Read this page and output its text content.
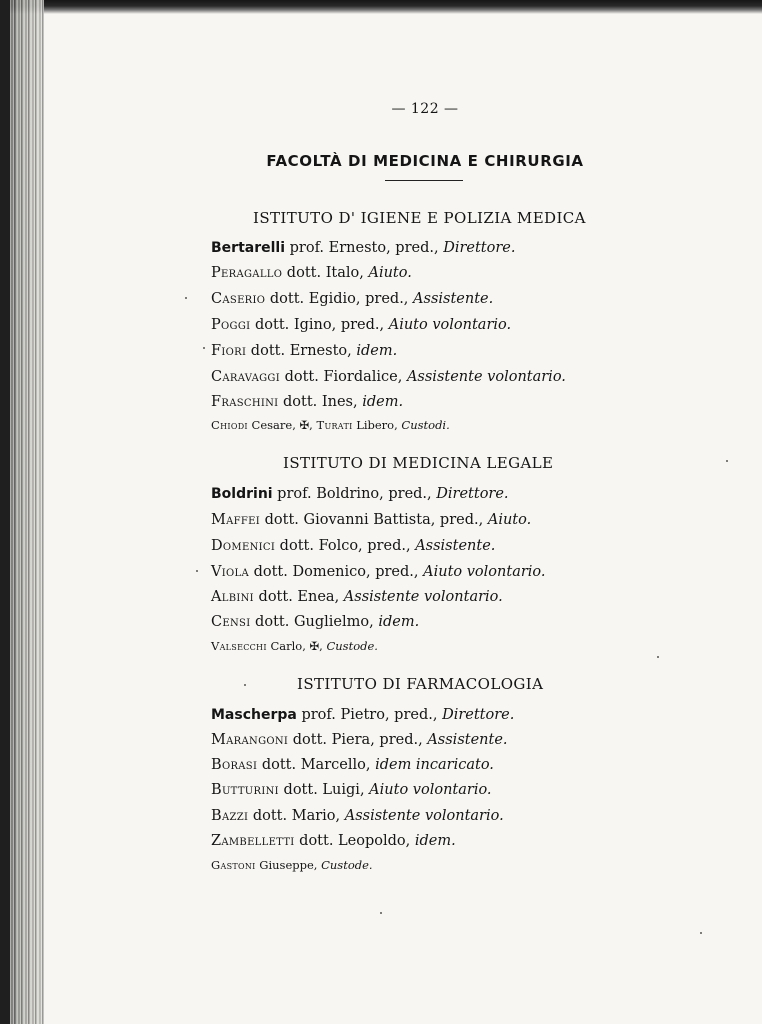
— 122 —
FACOLTÀ DI MEDICINA E CHIRURGIA
ISTITUTO D' IGIENE E POLIZIA MEDICA
Bertarelli prof. Ernesto, pred., Direttore.
Peragallo dott. Italo, Aiuto.
Caserio dott. Egidio, pred., Assistente.
Poggi dott. Igino, pred., Aiuto volontario.
Fiori dott. Ernesto, idem.
Caravaggi dott. Fiordalice, Assistente volontario.
Fraschini dott. Ines, idem.
Chiodi Cesare, ✠, Turati Libero, Custodi.
ISTITUTO DI MEDICINA LEGALE
Boldrini prof. Boldrino, pred., Direttore.
Maffei dott. Giovanni Battista, pred., Aiuto.
Domenici dott. Folco, pred., Assistente.
Viola dott. Domenico, pred., Aiuto volontario.
Albini dott. Enea, Assistente volontario.
Censi dott. Guglielmo, idem.
Valsecchi Carlo, ✠, Custode.
ISTITUTO DI FARMACOLOGIA
Mascherpa prof. Pietro, pred., Direttore.
Marangoni dott. Piera, pred., Assistente.
Borasi dott. Marcello, idem incaricato.
Butturini dott. Luigi, Aiuto volontario.
Bazzi dott. Mario, Assistente volontario.
Zambelletti dott. Leopoldo, idem.
Gastoni Giuseppe, Custode.
